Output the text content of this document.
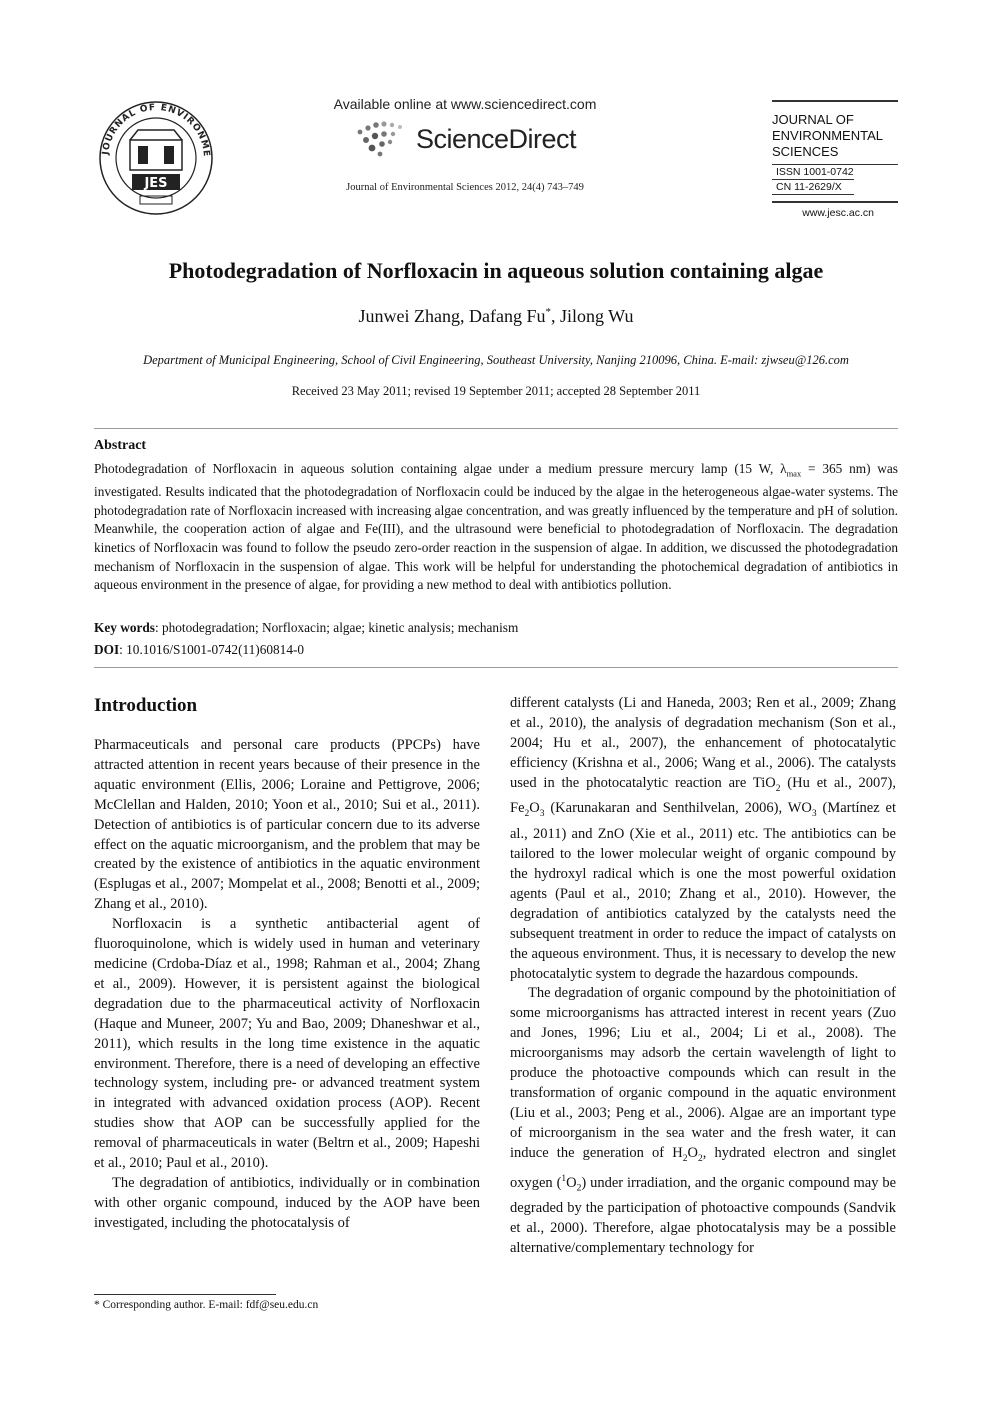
JOURNAL OF ENVIRONME
JES
Available online at www.sciencedirect.com
ScienceDirect
Journal of Environmental Sciences 2012, 24(4) 743–749
JOURNAL OF
ENVIRONMENTAL
SCIENCES
ISSN 1001-0742
CN 11-2629/X
www.jesc.ac.cn
Photodegradation of Norfloxacin in aqueous solution containing algae
Junwei Zhang, Dafang Fu*, Jilong Wu
Department of Municipal Engineering, School of Civil Engineering, Southeast University, Nanjing 210096, China. E-mail: zjwseu@126.com
Received 23 May 2011; revised 19 September 2011; accepted 28 September 2011
Abstract
Photodegradation of Norfloxacin in aqueous solution containing algae under a medium pressure mercury lamp (15 W, $\lambda_{max} = 365$ nm) was investigated. Results indicated that the photodegradation of Norfloxacin could be induced by the algae in the heterogeneous algae-water systems. The photodegradation rate of Norfloxacin increased with increasing algae concentration, and was greatly influenced by the temperature and pH of solution. Meanwhile, the cooperation action of algae and Fe(III), and the ultrasound were beneficial to photodegradation of Norfloxacin. The degradation kinetics of Norfloxacin was found to follow the pseudo zero-order reaction in the suspension of algae. In addition, we discussed the photodegradation mechanism of Norfloxacin in the suspension of algae. This work will be helpful for understanding the photochemical degradation of antibiotics in aqueous environment in the presence of algae, for providing a new method to deal with antibiotics pollution.
Key words: photodegradation; Norfloxacin; algae; kinetic analysis; mechanism
DOI: 10.1016/S1001-0742(11)60814-0
Introduction

Pharmaceuticals and personal care products (PPCPs) have attracted attention in recent years because of their presence in the aquatic environment (Ellis, 2006; Loraine and Pettigrove, 2006; McClellan and Halden, 2010; Yoon et al., 2010; Sui et al., 2011). Detection of antibiotics is of particular concern due to its adverse effect on the aquatic microorganism, and the problem that may be created by the existence of antibiotics in the aquatic environment (Esplugas et al., 2007; Mompelat et al., 2008; Benotti et al., 2009; Zhang et al., 2010).

Norfloxacin is a synthetic antibacterial agent of fluoroquinolone, which is widely used in human and veterinary medicine (Crdoba-Díaz et al., 1998; Rahman et al., 2004; Zhang et al., 2009). However, it is persistent against the biological degradation due to the pharmaceutical activity of Norfloxacin (Haque and Muneer, 2007; Yu and Bao, 2009; Dhaneshwar et al., 2011), which results in the long time existence in the aquatic environment. Therefore, there is a need of developing an effective technology system, including pre- or advanced treatment system in integrated with advanced oxidation process (AOP). Recent studies show that AOP can be successfully applied for the removal of pharmaceuticals in water (Beltrn et al., 2009; Hapeshi et al., 2010; Paul et al., 2010).

The degradation of antibiotics, individually or in combination with other organic compound, induced by the AOP have been investigated, including the photocatalysis of

different catalysts (Li and Haneda, 2003; Ren et al., 2009; Zhang et al., 2010), the analysis of degradation mechanism (Son et al., 2004; Hu et al., 2007), the enhancement of photocatalytic efficiency (Krishna et al., 2006; Wang et al., 2006). The catalysts used in the photocatalytic reaction are TiO$_2$ (Hu et al., 2007), $Fe_2O_3$ (Karunakaran and Senthilvelan, 2006), $WO_3$ (Martínez et al., 2011) and ZnO (Xie et al., 2011) etc. The antibiotics can be tailored to the lower molecular weight of organic compound by the hydroxyl radical which is one the most powerful oxidation agents (Paul et al., 2010; Zhang et al., 2010). However, the degradation of antibiotics catalyzed by the catalysts need the subsequent treatment in order to reduce the impact of catalysts on the aqueous environment. Thus, it is necessary to develop the new photocatalytic system to degrade the hazardous compounds.

The degradation of organic compound by the photoinitiation of some microorganisms has attracted interest in recent years (Zuo and Jones, 1996; Liu et al., 2004; Li et al., 2008). The microorganisms may adsorb the certain wavelength of light to produce the photoactive compounds which can result in the transformation of organic compound in the aquatic environment (Liu et al., 2003; Peng et al., 2006). Algae are an important type of microorganism in the sea water and the fresh water, it can induce the generation of $H_2O_2$, hydrated electron and singlet oxygen $(^1O_2)$ under irradiation, and the organic compound may be degraded by the participation of photoactive compounds (Sandvik et al., 2000). Therefore, algae photocatalysis may be a possible alternative/complementary technology for

* Corresponding author. E-mail: fdf@seu.edu.cn
